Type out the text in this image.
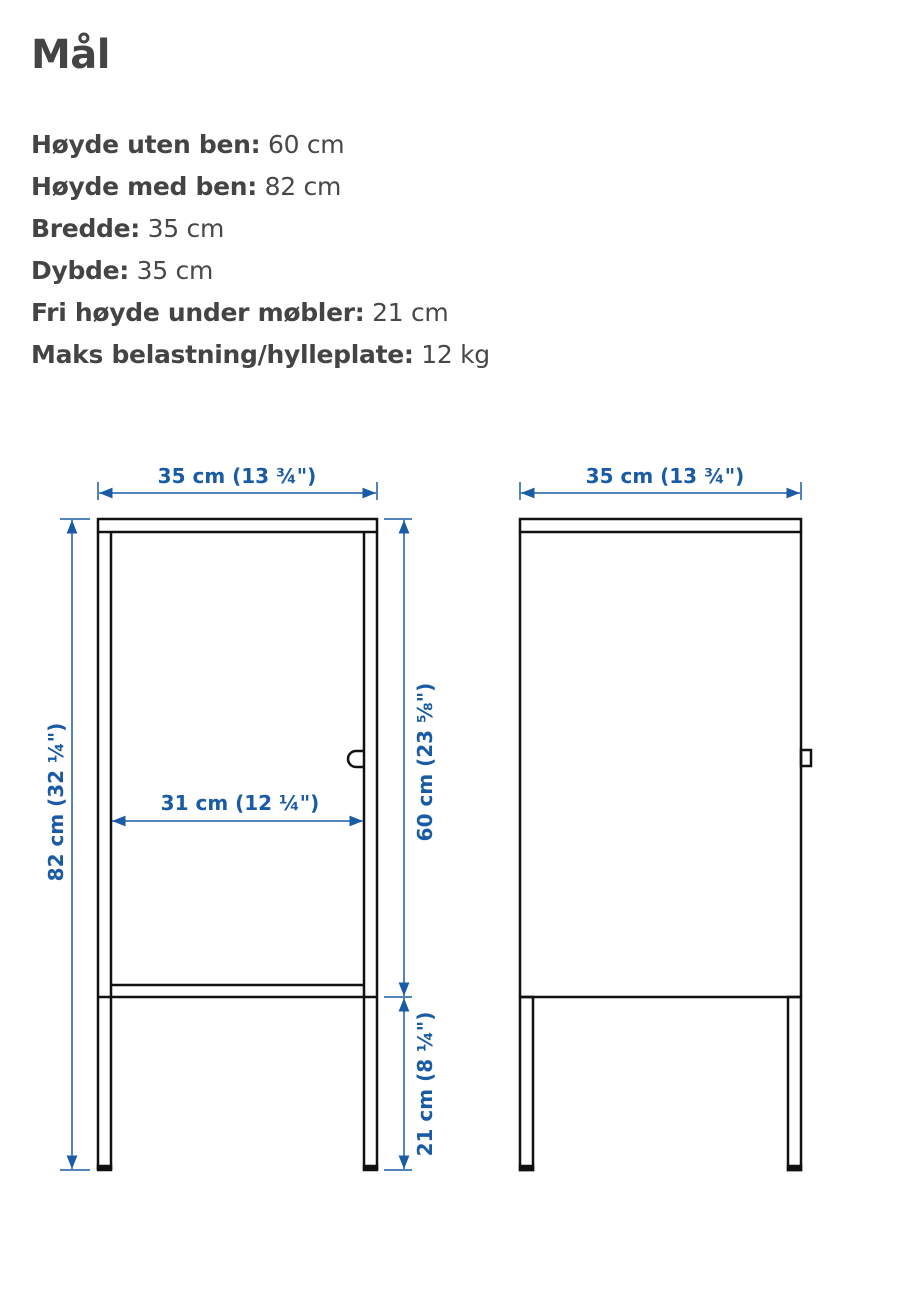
Mål
Høyde uten ben: 60 cm
Høyde med ben: 82 cm
Bredde: 35 cm
Dybde: 35 cm
Fri høyde under møbler: 21 cm
Maks belastning/hylleplate: 12 kg
35 cm (13 ¾")
82 cm (32 ¼")	31 cm (12 ¼")	60 cm (23 ⅝")
21 cm (8 ¼")
35 cm (13 ¾")
